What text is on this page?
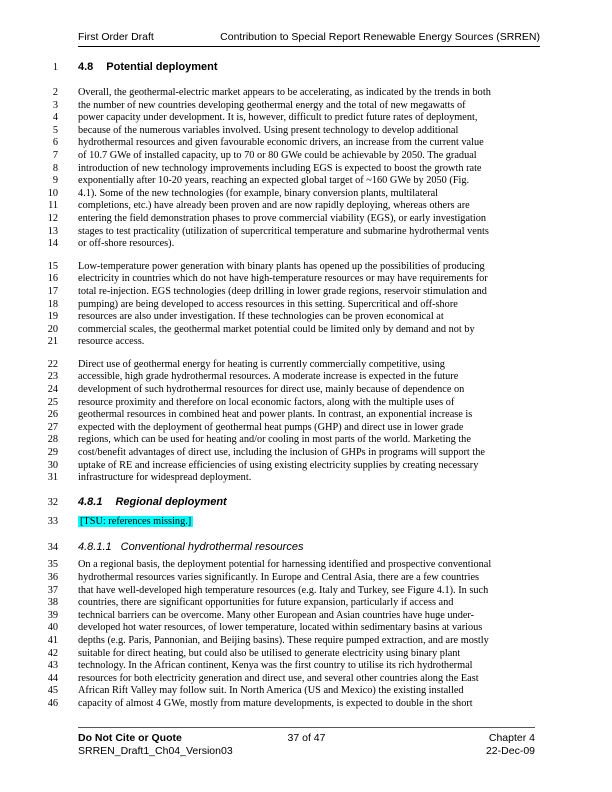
First Order Draft	Contribution to Special Report Renewable Energy Sources (SRREN)
1 4.8 Potential deployment
2 Overall, the geothermal-electric market appears to be accelerating, as indicated by the trends in both
3 the number of new countries developing geothermal energy and the total of new megawatts of
4 power capacity under development. It is, however, difficult to predict future rates of deployment,
5 because of the numerous variables involved. Using present technology to develop additional
6 hydrothermal resources and given favourable economic drivers, an increase from the current value
7 of 10.7 GWe of installed capacity, up to 70 or 80 GWe could be achievable by 2050. The gradual
8 introduction of new technology improvements including EGS is expected to boost the growth rate
9 exponentially after 10-20 years, reaching an expected global target of ~160 GWe by 2050 (Fig.
10 4.1). Some of the new technologies (for example, binary conversion plants, multilateral
11 completions, etc.) have already been proven and are now rapidly deploying, whereas others are
12 entering the field demonstration phases to prove commercial viability (EGS), or early investigation
13 stages to test practicality (utilization of supercritical temperature and submarine hydrothermal vents
14 or off-shore resources).
15 Low-temperature power generation with binary plants has opened up the possibilities of producing
16 electricity in countries which do not have high-temperature resources or may have requirements for
17 total re-injection. EGS technologies (deep drilling in lower grade regions, reservoir stimulation and
18 pumping) are being developed to access resources in this setting. Supercritical and off-shore
19 resources are also under investigation. If these technologies can be proven economical at
20 commercial scales, the geothermal market potential could be limited only by demand and not by
21 resource access.
22 Direct use of geothermal energy for heating is currently commercially competitive, using
23 accessible, high grade hydrothermal resources. A moderate increase is expected in the future
24 development of such hydrothermal resources for direct use, mainly because of dependence on
25 resource proximity and therefore on local economic factors, along with the multiple uses of
26 geothermal resources in combined heat and power plants. In contrast, an exponential increase is
27 expected with the deployment of geothermal heat pumps (GHP) and direct use in lower grade
28 regions, which can be used for heating and/or cooling in most parts of the world. Marketing the
29 cost/benefit advantages of direct use, including the inclusion of GHPs in programs will support the
30 uptake of RE and increase efficiencies of using existing electricity supplies by creating necessary
31 infrastructure for widespread deployment.
32 4.8.1 Regional deployment
33 [TSU: references missing.]
34 4.8.1.1 Conventional hydrothermal resources
35 On a regional basis, the deployment potential for harnessing identified and prospective conventional
36 hydrothermal resources varies significantly. In Europe and Central Asia, there are a few countries
37 that have well-developed high temperature resources (e.g. Italy and Turkey, see Figure 4.1). In such
38 countries, there are significant opportunities for future expansion, particularly if access and
39 technical barriers can be overcome. Many other European and Asian countries have huge under-
40 developed hot water resources, of lower temperature, located within sedimentary basins at various
41 depths (e.g. Paris, Pannonian, and Beijing basins). These require pumped extraction, and are mostly
42 suitable for direct heating, but could also be utilised to generate electricity using binary plant
43 technology. In the African continent, Kenya was the first country to utilise its rich hydrothermal
44 resources for both electricity generation and direct use, and several other countries along the East
45 African Rift Valley may follow suit. In North America (US and Mexico) the existing installed
46 capacity of almost 4 GWe, mostly from mature developments, is expected to double in the short
Do Not Cite or Quote	37 of 47	Chapter 4
SRREN_Draft1_Ch04_Version03	22-Dec-09
